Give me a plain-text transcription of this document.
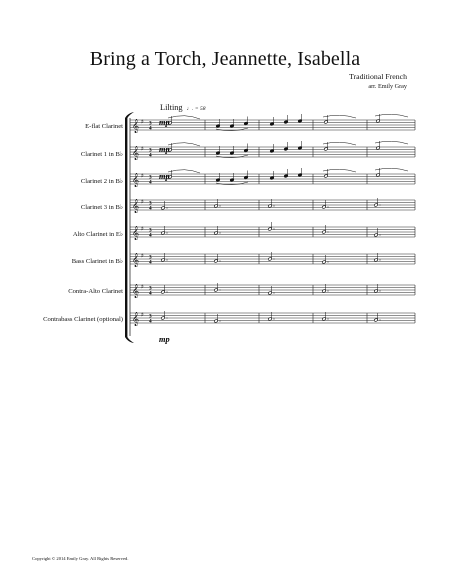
Bring a Torch, Jeannette, Isabella
Traditional French
arr. Emily Gray
Lilting ♩. = 58
E-flat Clarinet
Clarinet 1 in B♭
Clarinet 2 in B♭
Clarinet 3 in B♭
Alto Clarinet in E♭
Bass Clarinet in B♭
Contra-Alto Clarinet
Contrabass Clarinet (optional)
𝄞 ♯ 3
4
𝄞 ♯ 3
4
𝄞 ♯ 3
4
𝄞 ♯ 3
4
𝄞 ♯ 3
4
𝄞 ♯ 3
4
𝄞 ♯ 3
4
𝄞 ♯ 3
4
mp
mp
mp
mp
Copyright © 2014 Emily Gray. All Rights Reserved.
